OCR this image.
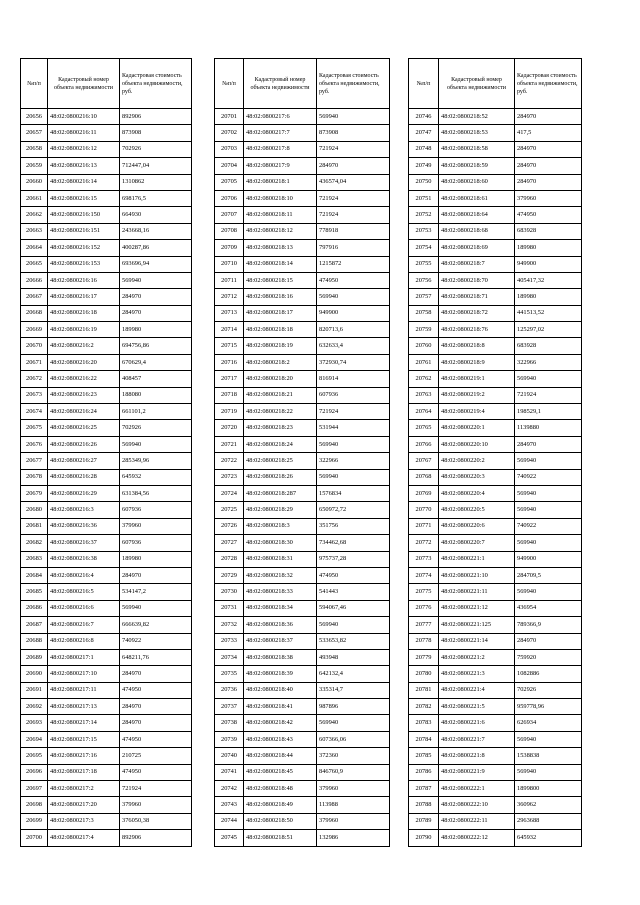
№п/п	Кадастровый номер объекта недвижимости	Кадастровая стоимость объекта недвижимости, руб.
20656	48:02:0800216:10	892906
20657	48:02:0800216:11	873908
20658	48:02:0800216:12	702926
20659	48:02:0800216:13	712447,04
20660	48:02:0800216:14	1310862
20661	48:02:0800216:15	698176,5
20662	48:02:0800216:150	664930
20663	48:02:0800216:151	243668,16
20664	48:02:0800216:152	400287,86
20665	48:02:0800216:153	693696,94
20666	48:02:0800216:16	569940
20667	48:02:0800216:17	284970
20668	48:02:0800216:18	284970
20669	48:02:0800216:19	189980
20670	48:02:0800216:2	694756,86
20671	48:02:0800216:20	670629,4
20672	48:02:0800216:22	408457
20673	48:02:0800216:23	188080
20674	48:02:0800216:24	661101,2
20675	48:02:0800216:25	702926
20676	48:02:0800216:26	569940
20677	48:02:0800216:27	285349,96
20678	48:02:0800216:28	645932
20679	48:02:0800216:29	631384,56
20680	48:02:0800216:3	607936
20681	48:02:0800216:36	379960
20682	48:02:0800216:37	607936
20683	48:02:0800216:38	189980
20684	48:02:0800216:4	284970
20685	48:02:0800216:5	534147,2
20686	48:02:0800216:6	569940
20687	48:02:0800216:7	666639,82
20688	48:02:0800216:8	740922
20689	48:02:0800217:1	648211,76
20690	48:02:0800217:10	284970
20691	48:02:0800217:11	474950
20692	48:02:0800217:13	284970
20693	48:02:0800217:14	284970
20694	48:02:0800217:15	474950
20695	48:02:0800217:16	210725
20696	48:02:0800217:18	474950
20697	48:02:0800217:2	721924
20698	48:02:0800217:20	379960
20699	48:02:0800217:3	376050,38
20700	48:02:0800217:4	892906
№п/п	Кадастровый номер объекта недвижимости	Кадастровая стоимость объекта недвижимости, руб.
20701	48:02:0800217:6	569940
20702	48:02:0800217:7	873908
20703	48:02:0800217:8	721924
20704	48:02:0800217:9	284970
20705	48:02:0800218:1	436574,04
20706	48:02:0800218:10	721924
20707	48:02:0800218:11	721924
20708	48:02:0800218:12	778918
20709	48:02:0800218:13	797916
20710	48:02:0800218:14	1215872
20711	48:02:0800218:15	474950
20712	48:02:0800218:16	569940
20713	48:02:0800218:17	949900
20714	48:02:0800218:18	820713,6
20715	48:02:0800218:19	632633,4
20716	48:02:0800218:2	372930,74
20717	48:02:0800218:20	816914
20718	48:02:0800218:21	607936
20719	48:02:0800218:22	721924
20720	48:02:0800218:23	531944
20721	48:02:0800218:24	569940
20722	48:02:0800218:25	322966
20723	48:02:0800218:26	569940
20724	48:02:0800218:287	1576834
20725	48:02:0800218:29	650972,72
20726	48:02:0800218:3	351756
20727	48:02:0800218:30	734462,68
20728	48:02:0800218:31	975737,28
20729	48:02:0800218:32	474950
20730	48:02:0800218:33	541443
20731	48:02:0800218:34	594067,46
20732	48:02:0800218:36	569940
20733	48:02:0800218:37	533653,82
20734	48:02:0800218:38	493948
20735	48:02:0800218:39	642132,4
20736	48:02:0800218:40	335314,7
20737	48:02:0800218:41	987896
20738	48:02:0800218:42	569940
20739	48:02:0800218:43	607366,06
20740	48:02:0800218:44	372360
20741	48:02:0800218:45	846760,9
20742	48:02:0800218:48	379960
20743	48:02:0800218:49	113988
20744	48:02:0800218:50	379960
20745	48:02:0800218:51	132986
№п/п	Кадастровый номер объекта недвижимости	Кадастровая стоимость объекта недвижимости, руб.
20746	48:02:0800218:52	284970
20747	48:02:0800218:53	417,5
20748	48:02:0800218:58	284970
20749	48:02:0800218:59	284970
20750	48:02:0800218:60	284970
20751	48:02:0800218:61	379960
20752	48:02:0800218:64	474950
20753	48:02:0800218:68	683928
20754	48:02:0800218:69	189980
20755	48:02:0800218:7	949900
20756	48:02:0800218:70	405417,32
20757	48:02:0800218:71	189980
20758	48:02:0800218:72	441513,52
20759	48:02:0800218:76	125297,02
20760	48:02:0800218:8	683928
20761	48:02:0800218:9	322966
20762	48:02:0800219:1	569940
20763	48:02:0800219:2	721924
20764	48:02:0800219:4	198529,1
20765	48:02:0800220:1	1139880
20766	48:02:0800220:10	284970
20767	48:02:0800220:2	569940
20768	48:02:0800220:3	740922
20769	48:02:0800220:4	569940
20770	48:02:0800220:5	569940
20771	48:02:0800220:6	740922
20772	48:02:0800220:7	569940
20773	48:02:0800221:1	949900
20774	48:02:0800221:10	284709,5
20775	48:02:0800221:11	569940
20776	48:02:0800221:12	436954
20777	48:02:0800221:125	789366,9
20778	48:02:0800221:14	284970
20779	48:02:0800221:2	759920
20780	48:02:0800221:3	1082886
20781	48:02:0800221:4	702926
20782	48:02:0800221:5	959778,96
20783	48:02:0800221:6	626934
20784	48:02:0800221:7	569940
20785	48:02:0800221:8	1538838
20786	48:02:0800221:9	569940
20787	48:02:0800222:1	1899800
20788	48:02:0800222:10	360962
20789	48:02:0800222:11	2963688
20790	48:02:0800222:12	645932
